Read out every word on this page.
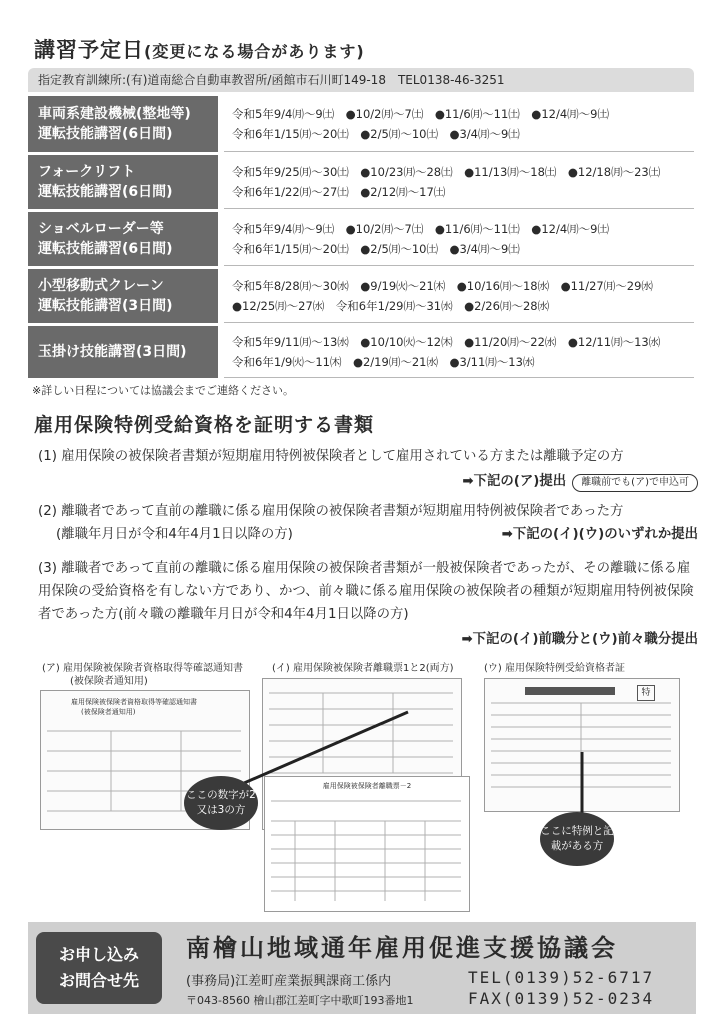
講習予定日(変更になる場合があります)
指定教育訓練所:(有)道南総合自動車教習所/函館市石川町149-18　TEL0138-46-3251
車両系建設機械(整地等)
運転技能講習(6日間)
令和5年9/4㈪～9㈯　●10/2㈪～7㈯　●11/6㈪～11㈯　●12/4㈪～9㈯
令和6年1/15㈪～20㈯　●2/5㈪～10㈯　●3/4㈪～9㈯
フォークリフト
運転技能講習(6日間)
令和5年9/25㈪～30㈯　●10/23㈪～28㈯　●11/13㈪～18㈯　●12/18㈪～23㈯
令和6年1/22㈪～27㈯　●2/12㈪～17㈯
ショベルローダー等
運転技能講習(6日間)
令和5年9/4㈪～9㈯　●10/2㈪～7㈯　●11/6㈪～11㈯　●12/4㈪～9㈯
令和6年1/15㈪～20㈯　●2/5㈪～10㈯　●3/4㈪～9㈯
小型移動式クレーン
運転技能講習(3日間)
令和5年8/28㈪～30㈬　●9/19㈫～21㈭　●10/16㈪～18㈬　●11/27㈪～29㈬
●12/25㈪～27㈬　令和6年1/29㈪～31㈬　●2/26㈪～28㈬
玉掛け技能講習(3日間)
令和5年9/11㈪～13㈬　●10/10㈫～12㈭　●11/20㈪～22㈬　●12/11㈪～13㈬
令和6年1/9㈫～11㈭　●2/19㈪～21㈬　●3/11㈪～13㈬
※詳しい日程については協議会までご連絡ください。
雇用保険特例受給資格を証明する書類
(1) 雇用保険の被保険者書類が短期雇用特例被保険者として雇用されている方または離職予定の方
➡下記の(ア)提出 離職前でも(ア)で申込可
(2) 離職者であって直前の離職に係る雇用保険の被保険者書類が短期雇用特例被保険者であった方
(離職年月日が令和4年4月1日以降の方)	➡下記の(イ)(ウ)のいずれか提出
(3) 離職者であって直前の離職に係る雇用保険の被保険者書類が一般被保険者であったが、その離職に係る雇用保険の受給資格を有しない方であり、かつ、前々職に係る雇用保険の被保険者の種類が短期雇用特例被保険者であった方(前々職の離職年月日が令和4年4月1日以降の方)
➡下記の(イ)前職分と(ウ)前々職分提出
(ア) 雇用保険被保険者資格取得等確認通知書
(被保険者通知用)
雇用保険被保険者資格取得等確認通知書
(被保険者通知用)
(イ) 雇用保険被保険者離職票1と2(両方)
雇用保険被保険者離職票－2
(ウ) 雇用保険特例受給資格者証
特
ここの数字が2又は3の方
ここに特例と記載がある方
お申し込み
お問合せ先
南檜山地域通年雇用促進支援協議会
(事務局)江差町産業振興課商工係内
〒043-8560 檜山郡江差町字中歌町193番地1
TEL(0139)52-6717
FAX(0139)52-0234
